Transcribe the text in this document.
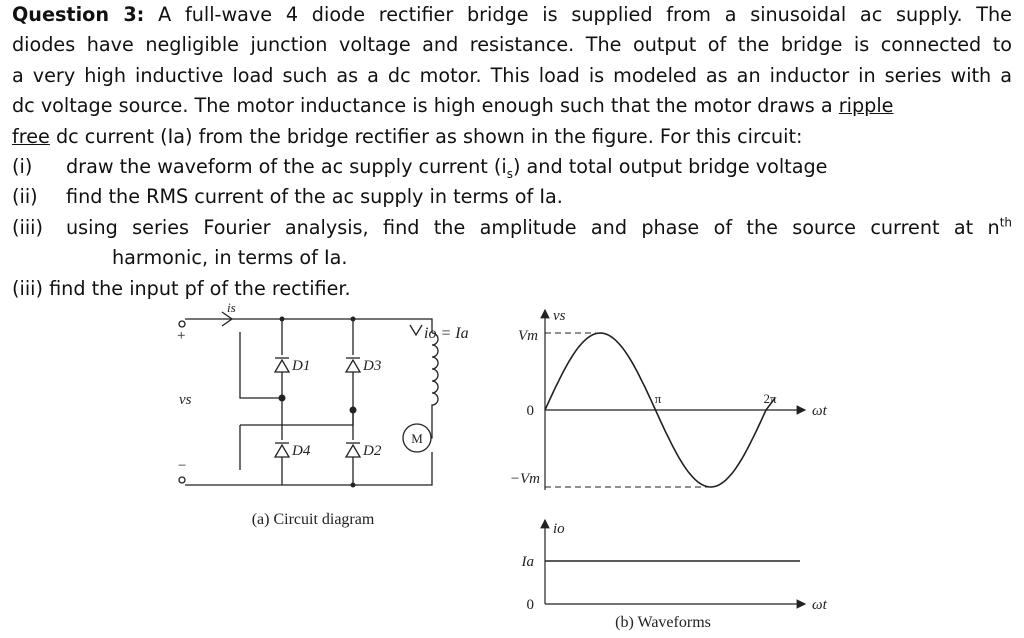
Question 3: A full-wave 4 diode rectifier bridge is supplied from a sinusoidal ac supply. The
diodes have negligible junction voltage and resistance. The output of the bridge is connected to
a very high inductive load such as a dc motor. This load is modeled as an inductor in series with a
dc voltage source. The motor inductance is high enough such that the motor draws a ripple
free dc current (Ia) from the bridge rectifier as shown in the figure. For this circuit:
(i) draw the waveform of the ac supply current $(i_s)$ and total output bridge voltage
(ii) find the RMS current of the ac supply in terms of Ia.
(iii)	using series Fourier analysis, find the amplitude and phase of the source current at $n^{th}$
harmonic, in terms of Ia.
(iii) find the input pf of the rectifier.
is
+
vs
−
D1	D3
D4	D2
io = Ia
M
(a) Circuit diagram
vs
Vm
0
−Vm
π	2π
ωt
io
Ia
0	ωt
(b) Waveforms
